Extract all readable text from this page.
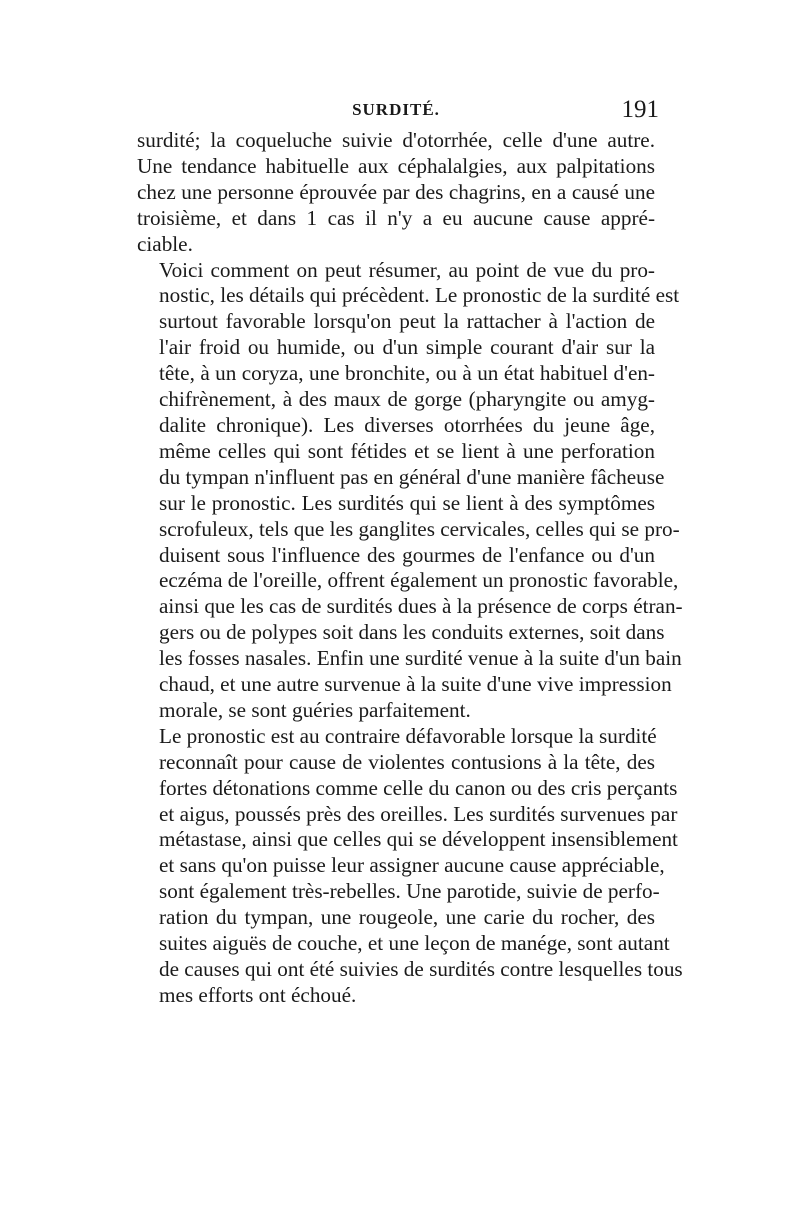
SURDITÉ.	191

surdité; la coqueluche suivie d'otorrhée, celle d'une autre.
Une tendance habituelle aux céphalalgies, aux palpitations
chez une personne éprouvée par des chagrins, en a causé une
troisième, et dans 1 cas il n'y a eu aucune cause appré-
ciable.

Voici comment on peut résumer, au point de vue du pro-
nostic, les détails qui précèdent. Le pronostic de la surdité est
surtout favorable lorsqu'on peut la rattacher à l'action de
l'air froid ou humide, ou d'un simple courant d'air sur la
tête, à un coryza, une bronchite, ou à un état habituel d'en-
chifrènement, à des maux de gorge (pharyngite ou amyg-
dalite chronique). Les diverses otorrhées du jeune âge,
même celles qui sont fétides et se lient à une perforation
du tympan n'influent pas en général d'une manière fâcheuse
sur le pronostic. Les surdités qui se lient à des symptômes
scrofuleux, tels que les ganglites cervicales, celles qui se pro-
duisent sous l'influence des gourmes de l'enfance ou d'un
eczéma de l'oreille, offrent également un pronostic favorable,
ainsi que les cas de surdités dues à la présence de corps étran-
gers ou de polypes soit dans les conduits externes, soit dans
les fosses nasales. Enfin une surdité venue à la suite d'un bain
chaud, et une autre survenue à la suite d'une vive impression
morale, se sont guéries parfaitement.

Le pronostic est au contraire défavorable lorsque la surdité
reconnaît pour cause de violentes contusions à la tête, des
fortes détonations comme celle du canon ou des cris perçants
et aigus, poussés près des oreilles. Les surdités survenues par
métastase, ainsi que celles qui se développent insensiblement
et sans qu'on puisse leur assigner aucune cause appréciable,
sont également très-rebelles. Une parotide, suivie de perfo-
ration du tympan, une rougeole, une carie du rocher, des
suites aiguës de couche, et une leçon de manége, sont autant
de causes qui ont été suivies de surdités contre lesquelles tous
mes efforts ont échoué.
